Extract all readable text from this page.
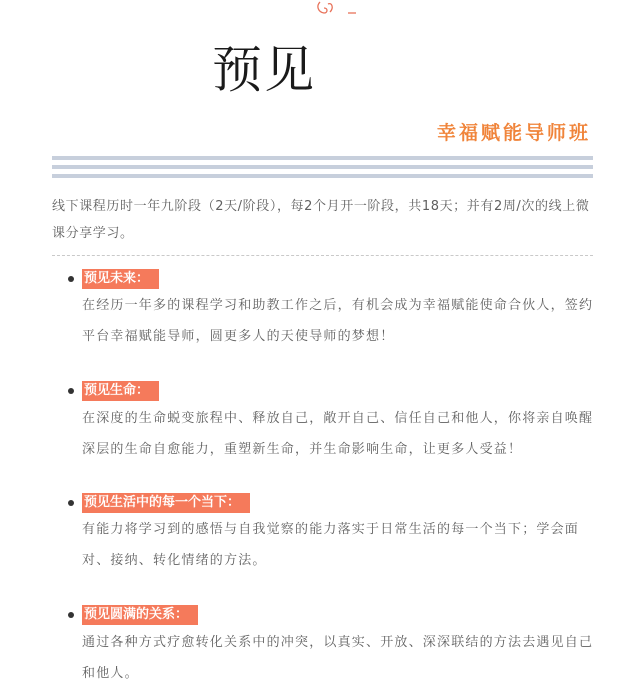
预见
幸福赋能导师班
线下课程历时一年九阶段（2天/阶段），每2个月开一阶段，共18天；并有2周/次的线上微课分享学习。
预见未来：
在经历一年多的课程学习和助教工作之后，有机会成为幸福赋能使命合伙人，签约平台幸福赋能导师，圆更多人的天使导师的梦想！
预见生命：
在深度的生命蜕变旅程中、释放自己，敞开自己、信任自己和他人，你将亲自唤醒深层的生命自愈能力，重塑新生命，并生命影响生命，让更多人受益！
预见生活中的每一个当下：
有能力将学习到的感悟与自我觉察的能力落实于日常生活的每一个当下；学会面对、接纳、转化情绪的方法。
预见圆满的关系：
通过各种方式疗愈转化关系中的冲突，以真实、开放、深深联结的方法去遇见自己和他人。
